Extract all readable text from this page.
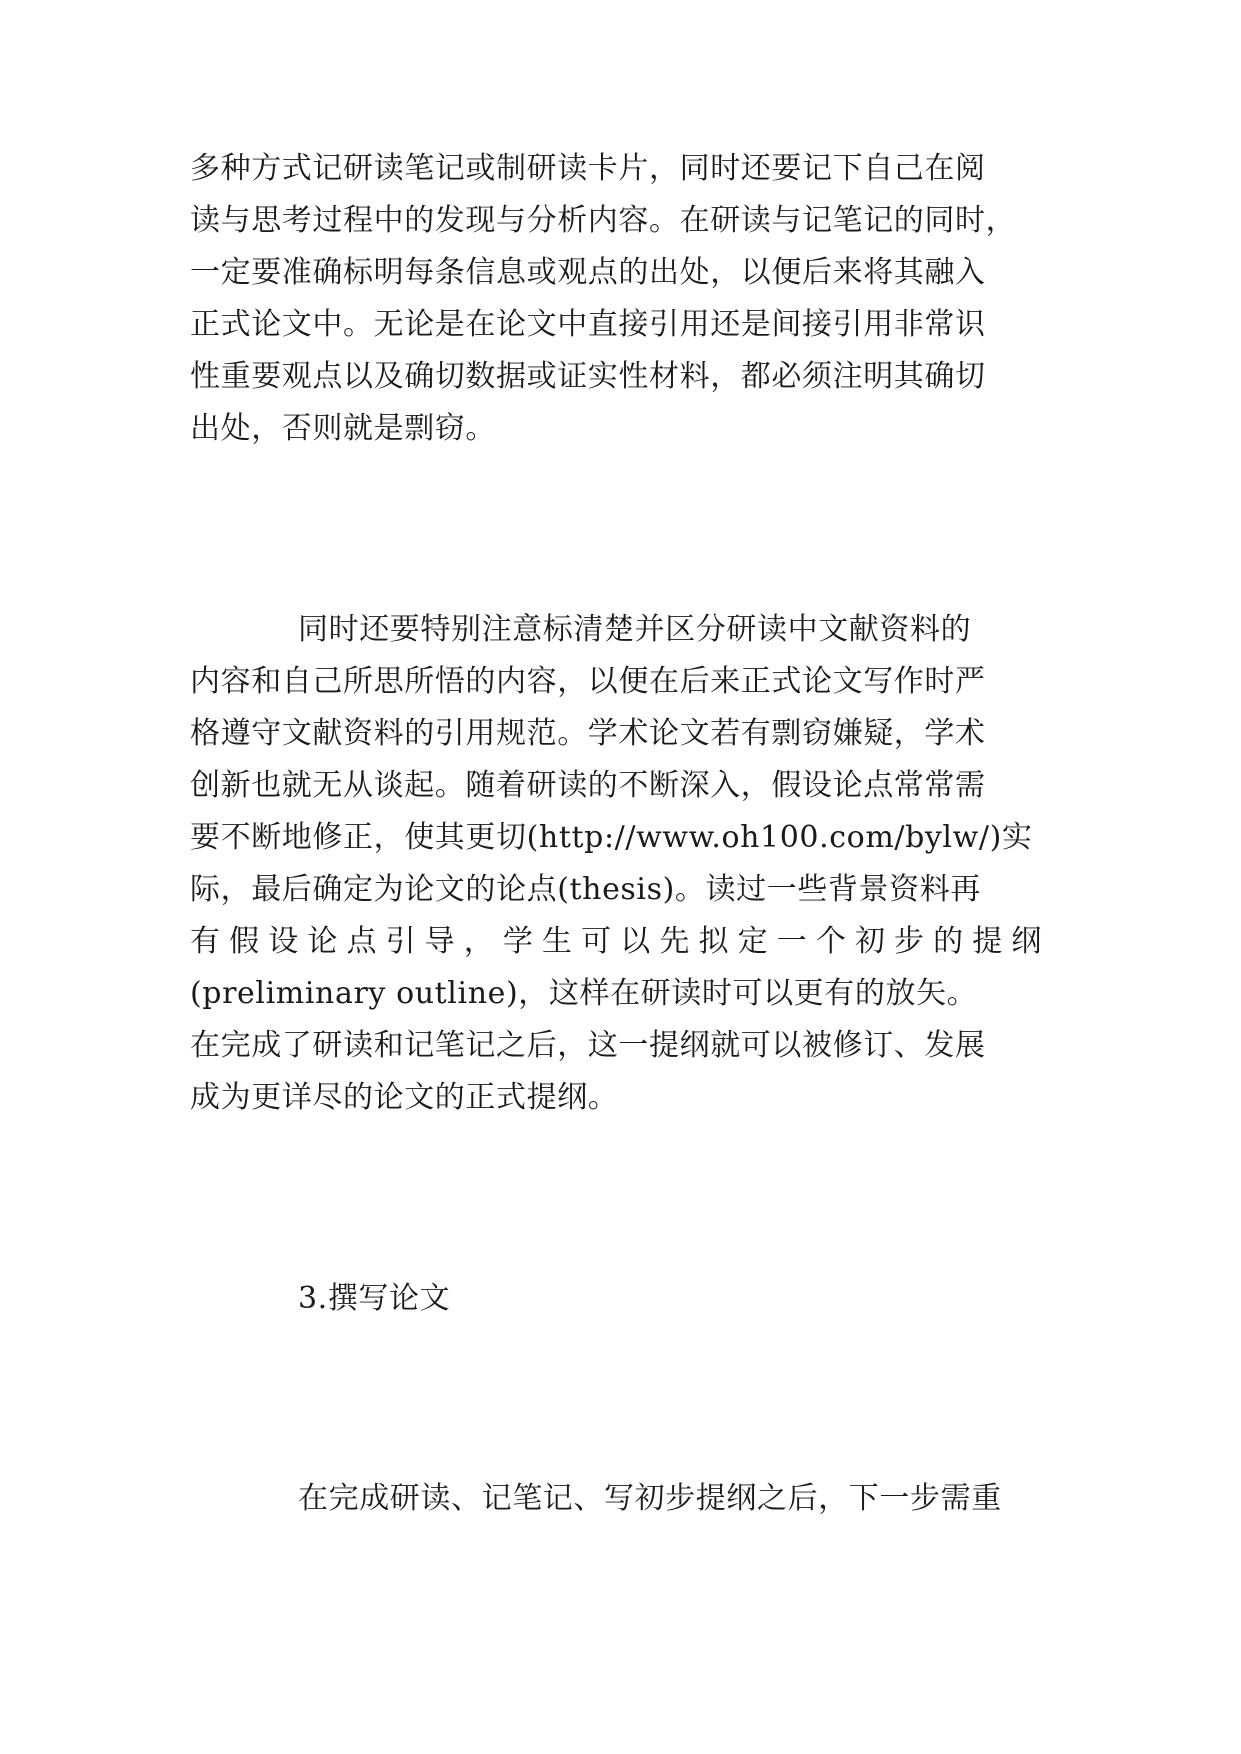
多种方式记研读笔记或制研读卡片，同时还要记下自己在阅
读与思考过程中的发现与分析内容。在研读与记笔记的同时，
一定要准确标明每条信息或观点的出处，以便后来将其融入
正式论文中。无论是在论文中直接引用还是间接引用非常识
性重要观点以及确切数据或证实性材料，都必须注明其确切
出处，否则就是剽窃。
同时还要特别注意标清楚并区分研读中文献资料的
内容和自己所思所悟的内容，以便在后来正式论文写作时严
格遵守文献资料的引用规范。学术论文若有剽窃嫌疑，学术
创新也就无从谈起。随着研读的不断深入，假设论点常常需
要不断地修正，使其更切(http://www.oh100.com/bylw/)实
际，最后确定为论文的论点(thesis)。读过一些背景资料再
有假设论点引导，学生可以先拟定一个初步的提纲
(preliminary outline)，这样在研读时可以更有的放矢。
在完成了研读和记笔记之后，这一提纲就可以被修订、发展
成为更详尽的论文的正式提纲。
3.撰写论文
在完成研读、记笔记、写初步提纲之后，下一步需重
